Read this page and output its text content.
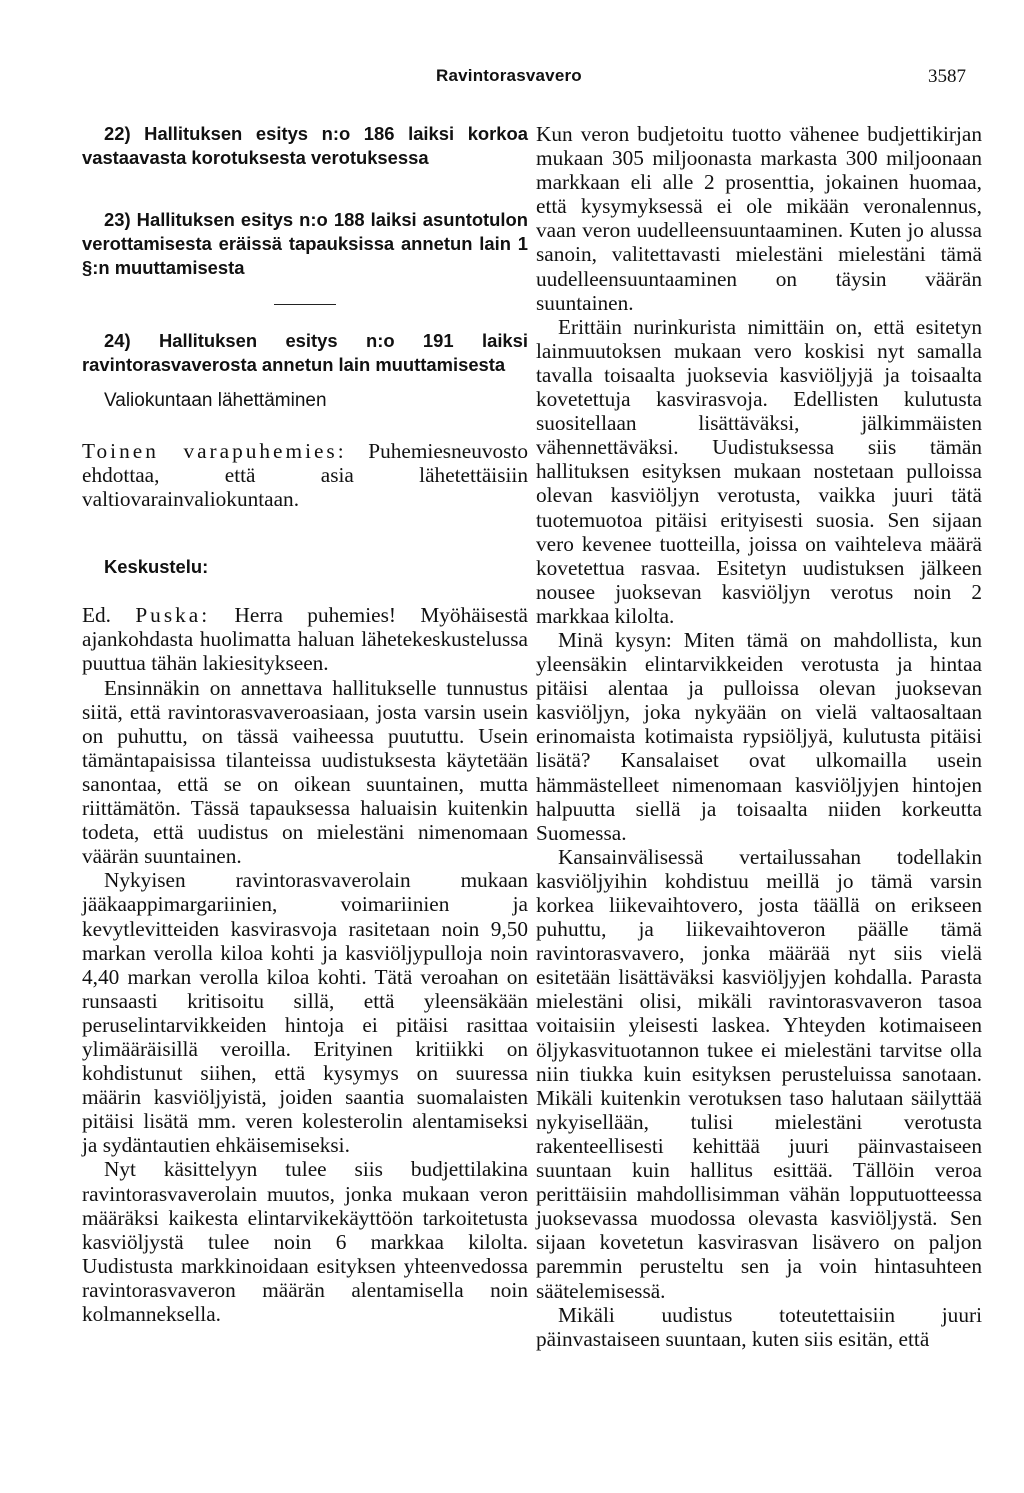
Ravintorasvavero	3587

22) Hallituksen esitys n:o 186 laiksi korkoa vastaavasta korotuksesta verotuksessa

23) Hallituksen esitys n:o 188 laiksi asuntotulon verottamisesta eräissä tapauksissa annetun lain 1 §:n muuttamisesta

24) Hallituksen esitys n:o 191 laiksi ravintorasvaverosta annetun lain muuttamisesta

Valiokuntaan lähettäminen

Toinen varapuhemies: Puhemiesneuvosto ehdottaa, että asia lähetettäisiin valtiovarainvaliokuntaan.

Keskustelu:

Ed. Puska: Herra puhemies! Myöhäisestä ajankohdasta huolimatta haluan lähetekeskustelussa puuttua tähän lakiesitykseen.

Ensinnäkin on annettava hallitukselle tunnustus siitä, että ravintorasvaveroasiaan, josta varsin usein on puhuttu, on tässä vaiheessa puututtu. Usein tämäntapaisissa tilanteissa uudistuksesta käytetään sanontaa, että se on oikean suuntainen, mutta riittämätön. Tässä tapauksessa haluaisin kuitenkin todeta, että uudistus on mielestäni nimenomaan väärän suuntainen.

Nykyisen ravintorasvaverolain mukaan jääkaappimargariinien, voimariinien ja kevytlevitteiden kasvirasvoja rasitetaan noin 9,50 markan verolla kiloa kohti ja kasviöljypulloja noin 4,40 markan verolla kiloa kohti. Tätä veroahan on runsaasti kritisoitu sillä, että yleensäkään peruselintarvikkeiden hintoja ei pitäisi rasittaa ylimääräisillä veroilla. Erityinen kritiikki on kohdistunut siihen, että kysymys on suuressa määrin kasviöljyistä, joiden saantia suomalaisten pitäisi lisätä mm. veren kolesterolin alentamiseksi ja sydäntautien ehkäisemiseksi.

Nyt käsittelyyn tulee siis budjettilakina ravintorasvaverolain muutos, jonka mukaan veron määräksi kaikesta elintarvikekäyttöön tarkoitetusta kasviöljystä tulee noin 6 markkaa kilolta. Uudistusta markkinoidaan esityksen yhteenvedossa ravintorasvaveron määrän alentamisella noin kolmanneksella.

Kun veron budjetoitu tuotto vähenee budjettikirjan mukaan 305 miljoonasta markasta 300 miljoonaan markkaan eli alle 2 prosenttia, jokainen huomaa, että kysymyksessä ei ole mikään veronalennus, vaan veron uudelleensuuntaaminen. Kuten jo alussa sanoin, valitettavasti mielestäni mielestäni tämä uudelleensuuntaaminen on täysin väärän suuntainen.

Erittäin nurinkurista nimittäin on, että esitetyn lainmuutoksen mukaan vero koskisi nyt samalla tavalla toisaalta juoksevia kasviöljyjä ja toisaalta kovetettuja kasvirasvoja. Edellisten kulutusta suositellaan lisättäväksi, jälkimmäisten vähennettäväksi. Uudistuksessa siis tämän hallituksen esityksen mukaan nostetaan pulloissa olevan kasviöljyn verotusta, vaikka juuri tätä tuotemuotoa pitäisi erityisesti suosia. Sen sijaan vero kevenee tuotteilla, joissa on vaihteleva määrä kovetettua rasvaa. Esitetyn uudistuksen jälkeen nousee juoksevan kasviöljyn verotus noin 2 markkaa kilolta.

Minä kysyn: Miten tämä on mahdollista, kun yleensäkin elintarvikkeiden verotusta ja hintaa pitäisi alentaa ja pulloissa olevan juoksevan kasviöljyn, joka nykyään on vielä valtaosaltaan erinomaista kotimaista rypsiöljyä, kulutusta pitäisi lisätä? Kansalaiset ovat ulkomailla usein hämmästelleet nimenomaan kasviöljyjen hintojen halpuutta siellä ja toisaalta niiden korkeutta Suomessa.

Kansainvälisessä vertailussahan todellakin kasviöljyihin kohdistuu meillä jo tämä varsin korkea liikevaihtovero, josta täällä on erikseen puhuttu, ja liikevaihtoveron päälle tämä ravintorasvavero, jonka määrää nyt siis vielä esitetään lisättäväksi kasviöljyjen kohdalla. Parasta mielestäni olisi, mikäli ravintorasvaveron tasoa voitaisiin yleisesti laskea. Yhteyden kotimaiseen öljykasvituotannon tukee ei mielestäni tarvitse olla niin tiukka kuin esityksen perusteluissa sanotaan. Mikäli kuitenkin verotuksen taso halutaan säilyttää nykyisellään, tulisi mielestäni verotusta rakenteellisesti kehittää juuri päinvastaiseen suuntaan kuin hallitus esittää. Tällöin veroa perittäisiin mahdollisimman vähän lopputuotteessa juoksevassa muodossa olevasta kasviöljystä. Sen sijaan kovetetun kasvirasvan lisävero on paljon paremmin perusteltu sen ja voin hintasuhteen säätelemisessä.

Mikäli uudistus toteutettaisiin juuri päinvastaiseen suuntaan, kuten siis esitän, että
